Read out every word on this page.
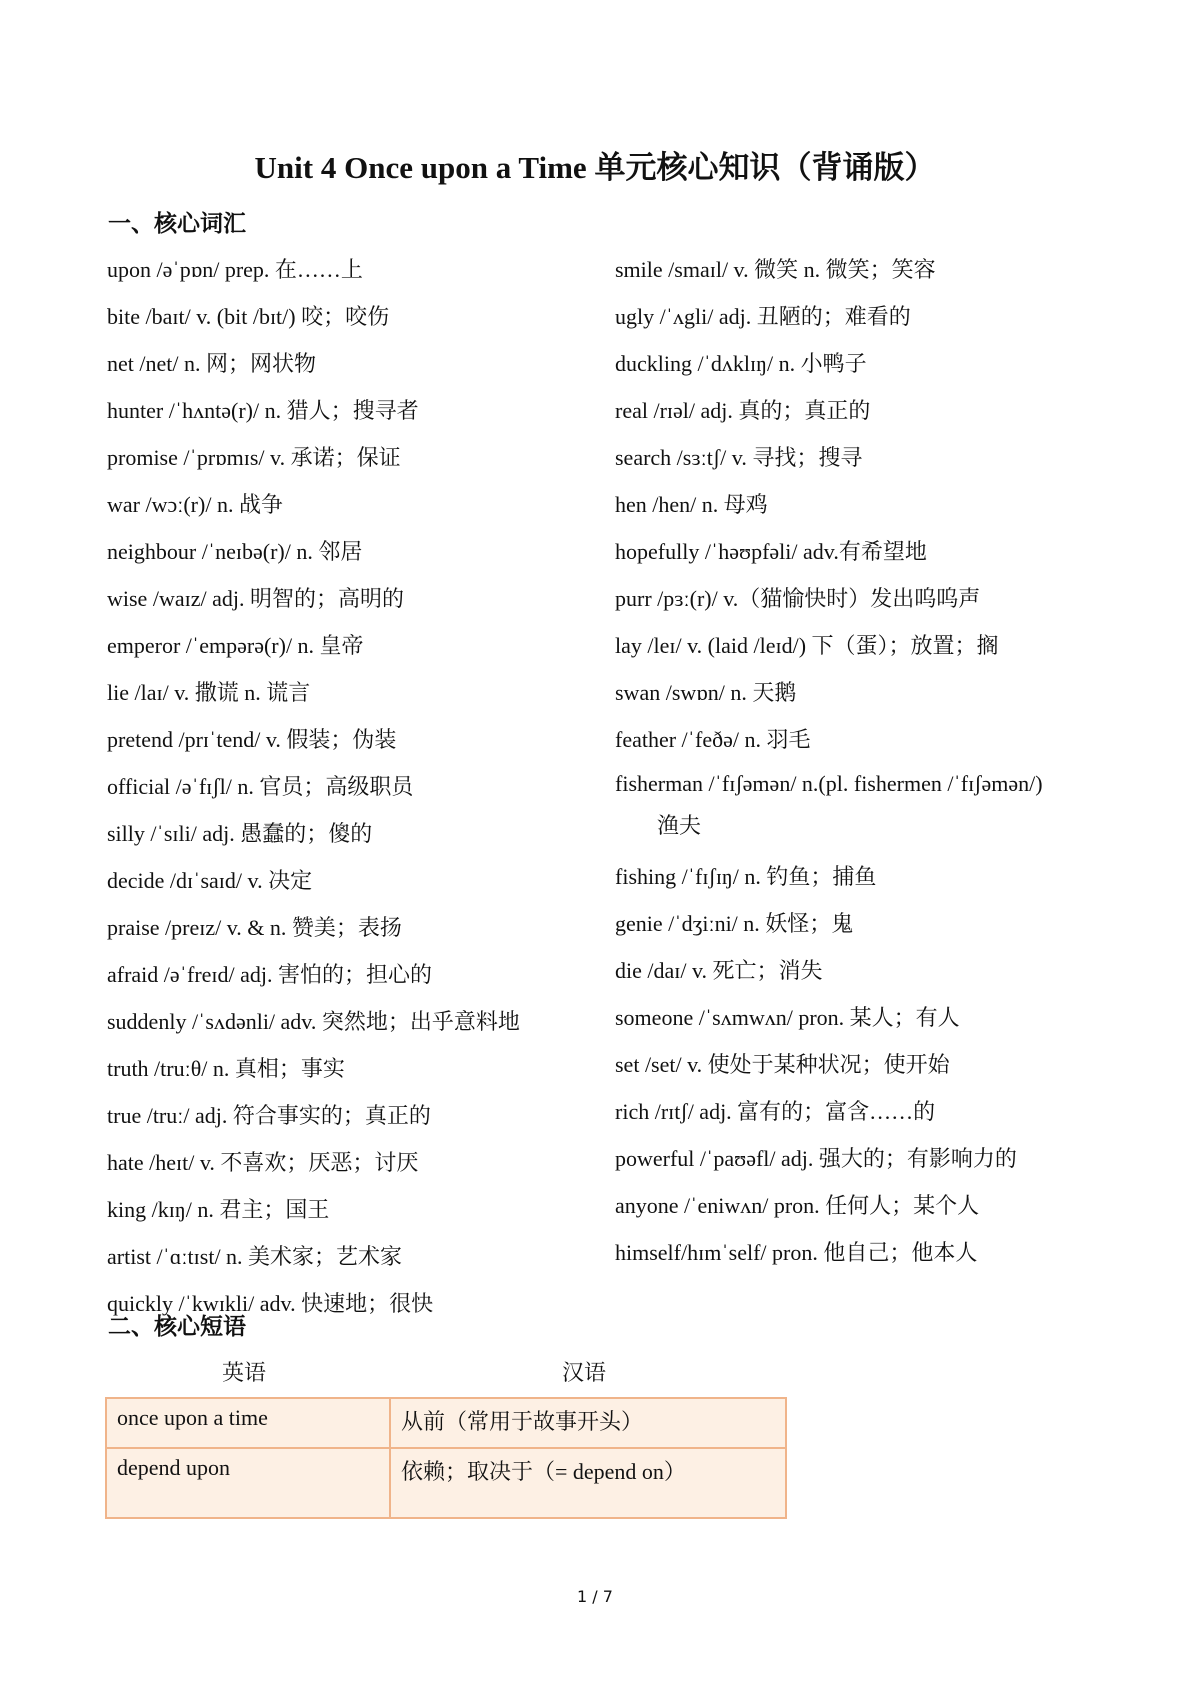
Unit 4 Once upon a Time 单元核心知识（背诵版）
一、核心词汇
upon /əˈpɒn/ prep. 在……上
bite /baɪt/ v. (bit /bɪt/) 咬；咬伤
net /net/ n. 网；网状物
hunter /ˈhʌntə(r)/ n. 猎人；搜寻者
promise /ˈprɒmɪs/ v. 承诺；保证
war /wɔː(r)/ n. 战争
neighbour /ˈneɪbə(r)/ n. 邻居
wise /waɪz/ adj. 明智的；高明的
emperor /ˈempərə(r)/ n. 皇帝
lie /laɪ/ v. 撒谎 n. 谎言
pretend /prɪˈtend/ v. 假装；伪装
official /əˈfɪʃl/ n. 官员；高级职员
silly /ˈsɪli/ adj. 愚蠢的；傻的
decide /dɪˈsaɪd/ v. 决定
praise /preɪz/ v. & n. 赞美；表扬
afraid /əˈfreɪd/ adj. 害怕的；担心的
suddenly /ˈsʌdənli/ adv. 突然地；出乎意料地
truth /truːθ/ n. 真相；事实
true /truː/ adj. 符合事实的；真正的
hate /heɪt/ v. 不喜欢；厌恶；讨厌
king /kɪŋ/ n. 君主；国王
artist /ˈɑːtɪst/ n. 美术家；艺术家
quickly /ˈkwɪkli/ adv. 快速地；很快
smile /smaɪl/ v. 微笑 n. 微笑；笑容
ugly /ˈʌgli/ adj. 丑陋的；难看的
duckling /ˈdʌklɪŋ/ n. 小鸭子
real /rɪəl/ adj. 真的；真正的
search /sɜːtʃ/ v. 寻找；搜寻
hen /hen/ n. 母鸡
hopefully /ˈhəʊpfəli/ adv.有希望地
purr /pɜː(r)/ v.（猫愉快时）发出呜呜声
lay /leɪ/ v. (laid /leɪd/) 下（蛋）；放置；搁
swan /swɒn/ n. 天鹅
feather /ˈfeðə/ n. 羽毛
fisherman /ˈfɪʃəmən/ n.(pl. fishermen /ˈfɪʃəmən/)
渔夫
fishing /ˈfɪʃɪŋ/ n. 钓鱼；捕鱼
genie /ˈdʒiːni/ n. 妖怪；鬼
die /daɪ/ v. 死亡；消失
someone /ˈsʌmwʌn/ pron. 某人；有人
set /set/ v. 使处于某种状况；使开始
rich /rɪtʃ/ adj. 富有的；富含……的
powerful /ˈpaʊəfl/ adj. 强大的；有影响力的
anyone /ˈeniwʌn/ pron. 任何人；某个人
himself/hɪmˈself/ pron. 他自己；他本人
二、核心短语
英语	汉语
once upon a time	从前（常用于故事开头）
depend upon	依赖；取决于（= depend on）
1 / 7
